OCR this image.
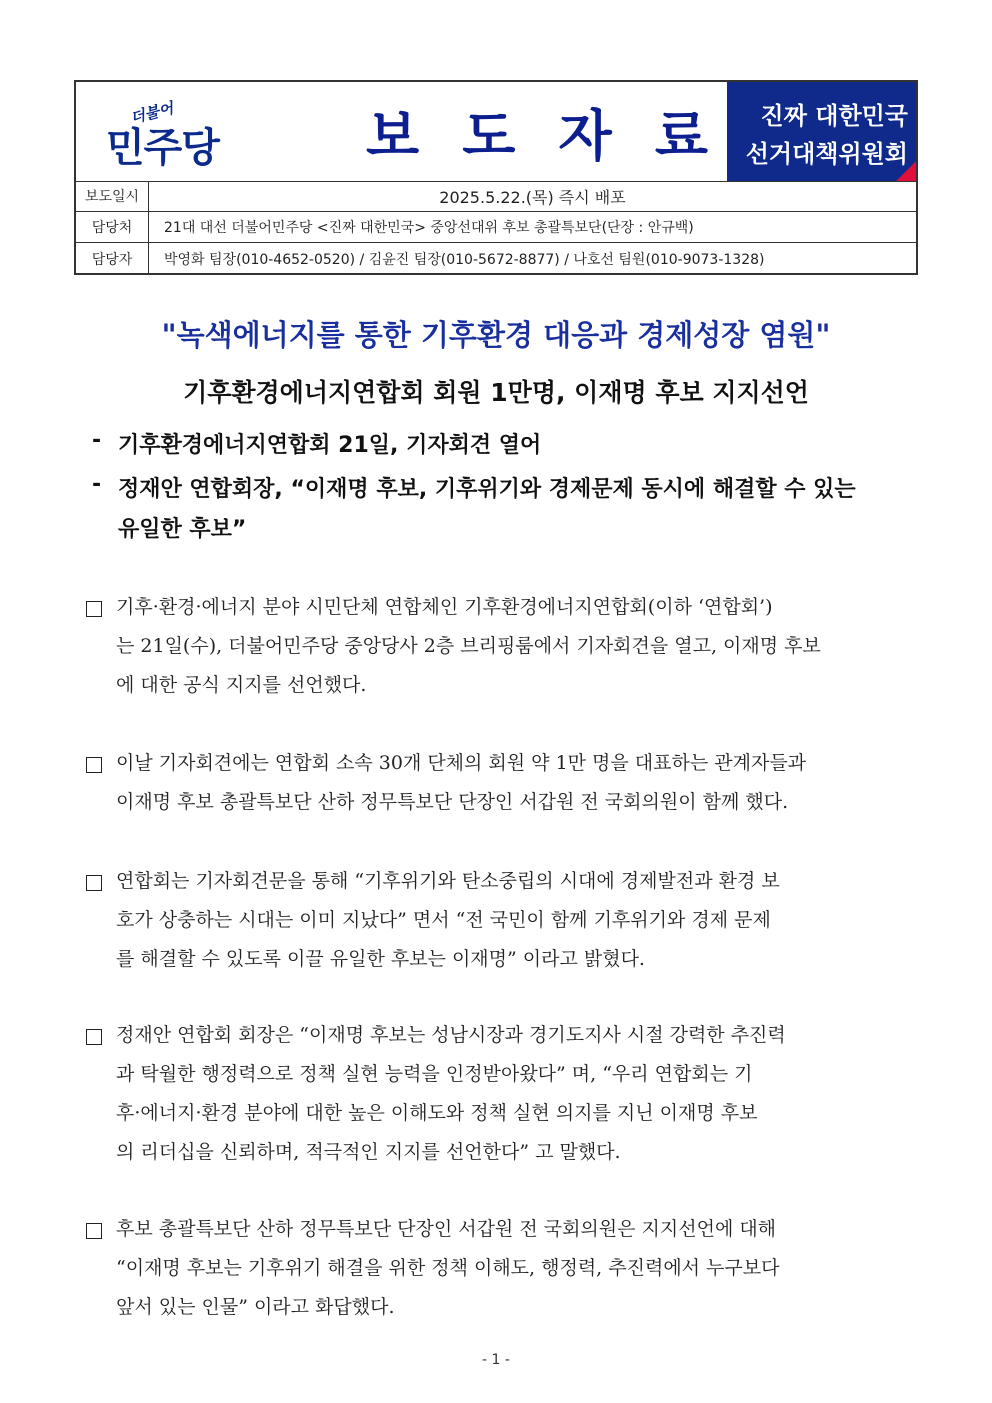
더불어
민주당	보 도 자 료 진짜 대한민국
선거대책위원회
보도일시	2025.5.22.(목) 즉시 배포
담당처	21대 대선 더불어민주당 <진짜 대한민국> 중앙선대위 후보 총괄특보단(단장 : 안규백)
담당자	박영화 팀장(010-4652-0520) / 김윤진 팀장(010-5672-8877) / 나호선 팀원(010-9073-1328)
"녹색에너지를 통한 기후환경 대응과 경제성장 염원"
기후환경에너지연합회 회원 1만명, 이재명 후보 지지선언
- 기후환경에너지연합회 21일, 기자회견 열어
- 정재안 연합회장, “이재명 후보, 기후위기와 경제문제 동시에 해결할 수 있는
유일한 후보”
기후·환경·에너지 분야 시민단체 연합체인 기후환경에너지연합회(이하 ‘연합회’)
는 21일(수), 더불어민주당 중앙당사 2층 브리핑룸에서 기자회견을 열고, 이재명 후보
에 대한 공식 지지를 선언했다.
이날 기자회견에는 연합회 소속 30개 단체의 회원 약 1만 명을 대표하는 관계자들과
이재명 후보 총괄특보단 산하 정무특보단 단장인 서갑원 전 국회의원이 함께 했다.
연합회는 기자회견문을 통해 “기후위기와 탄소중립의 시대에 경제발전과 환경 보
호가 상충하는 시대는 이미 지났다” 면서 “전 국민이 함께 기후위기와 경제 문제
를 해결할 수 있도록 이끌 유일한 후보는 이재명” 이라고 밝혔다.
정재안 연합회 회장은 “이재명 후보는 성남시장과 경기도지사 시절 강력한 추진력
과 탁월한 행정력으로 정책 실현 능력을 인정받아왔다” 며, “우리 연합회는 기
후·에너지·환경 분야에 대한 높은 이해도와 정책 실현 의지를 지닌 이재명 후보
의 리더십을 신뢰하며, 적극적인 지지를 선언한다” 고 말했다.
후보 총괄특보단 산하 정무특보단 단장인 서갑원 전 국회의원은 지지선언에 대해
“이재명 후보는 기후위기 해결을 위한 정책 이해도, 행정력, 추진력에서 누구보다
앞서 있는 인물” 이라고 화답했다.
- 1 -
